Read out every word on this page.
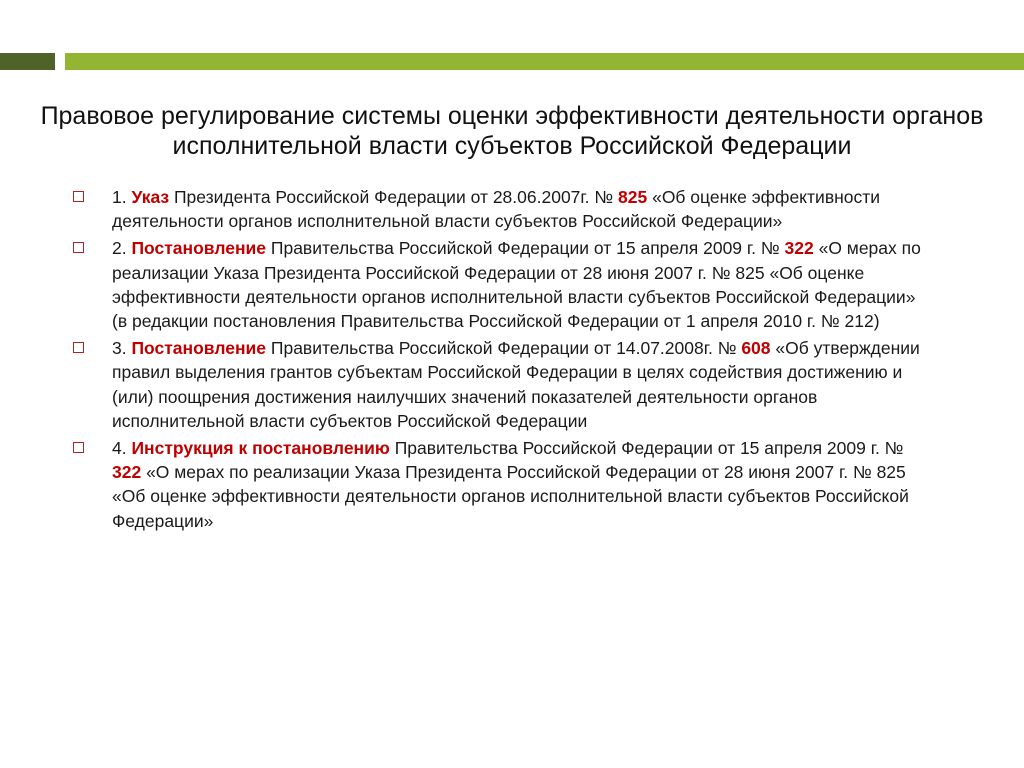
Правовое регулирование системы оценки эффективности деятельности органов исполнительной власти субъектов Российской Федерации
1. Указ Президента Российской Федерации от 28.06.2007г. № 825 «Об оценке эффективности деятельности органов исполнительной власти субъектов Российской Федерации»
2. Постановление Правительства Российской Федерации от 15 апреля 2009 г. № 322 «О мерах по реализации Указа Президента Российской Федерации от 28 июня 2007 г. № 825 «Об оценке эффективности деятельности органов исполнительной власти субъектов Российской Федерации» (в редакции постановления Правительства Российской Федерации от 1 апреля 2010 г. № 212)
3. Постановление Правительства Российской Федерации от 14.07.2008г. № 608 «Об утверждении правил выделения грантов субъектам Российской Федерации в целях содействия достижению и (или) поощрения достижения наилучших значений показателей деятельности органов исполнительной власти субъектов Российской Федерации
4. Инструкция к постановлению Правительства Российской Федерации от 15 апреля 2009 г. № 322 «О мерах по реализации Указа Президента Российской Федерации от 28 июня 2007 г. № 825 «Об оценке эффективности деятельности органов исполнительной власти субъектов Российской Федерации»
